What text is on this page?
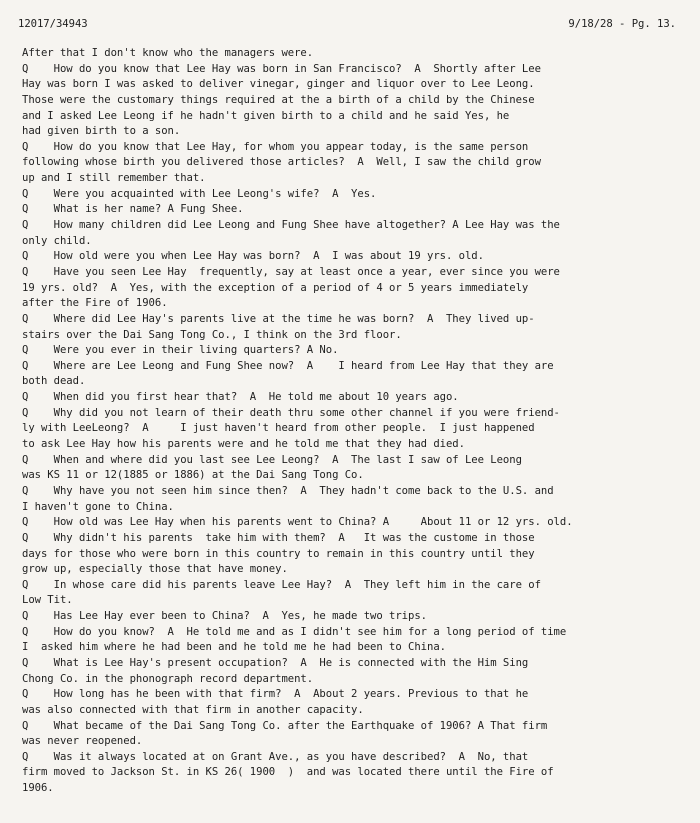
12017/34943	9/18/28 - Pg. 13.
After that I don't know who the managers were.
Q    How do you know that Lee Hay was born in San Francisco?  A  Shortly after Lee
Hay was born I was asked to deliver vinegar, ginger and liquor over to Lee Leong.
Those were the customary things required at the a birth of a child by the Chinese
and I asked Lee Leong if he hadn't given birth to a child and he said Yes, he
had given birth to a son.
Q    How do you know that Lee Hay, for whom you appear today, is the same person
following whose birth you delivered those articles?  A  Well, I saw the child grow
up and I still remember that.
Q    Were you acquainted with Lee Leong's wife?  A  Yes.
Q    What is her name? A Fung Shee.
Q    How many children did Lee Leong and Fung Shee have altogether? A Lee Hay was the
only child.
Q    How old were you when Lee Hay was born?  A  I was about 19 yrs. old.
Q    Have you seen Lee Hay  frequently, say at least once a year, ever since you were
19 yrs. old?  A  Yes, with the exception of a period of 4 or 5 years immediately
after the Fire of 1906.
Q    Where did Lee Hay's parents live at the time he was born?  A  They lived up-
stairs over the Dai Sang Tong Co., I think on the 3rd floor.
Q    Were you ever in their living quarters? A No.
Q    Where are Lee Leong and Fung Shee now?  A    I heard from Lee Hay that they are
both dead.
Q    When did you first hear that?  A  He told me about 10 years ago.
Q    Why did you not learn of their death thru some other channel if you were friend-
ly with LeeLeong?  A     I just haven't heard from other people.  I just happened
to ask Lee Hay how his parents were and he told me that they had died.
Q    When and where did you last see Lee Leong?  A  The last I saw of Lee Leong
was KS 11 or 12(1885 or 1886) at the Dai Sang Tong Co.
Q    Why have you not seen him since then?  A  They hadn't come back to the U.S. and
I haven't gone to China.
Q    How old was Lee Hay when his parents went to China? A     About 11 or 12 yrs. old.
Q    Why didn't his parents  take him with them?  A   It was the custome in those
days for those who were born in this country to remain in this country until they
grow up, especially those that have money.
Q    In whose care did his parents leave Lee Hay?  A  They left him in the care of
Low Tit.
Q    Has Lee Hay ever been to China?  A  Yes, he made two trips.
Q    How do you know?  A  He told me and as I didn't see him for a long period of time
I  asked him where he had been and he told me he had been to China.
Q    What is Lee Hay's present occupation?  A  He is connected with the Him Sing
Chong Co. in the phonograph record department.
Q    How long has he been with that firm?  A  About 2 years. Previous to that he
was also connected with that firm in another capacity.
Q    What became of the Dai Sang Tong Co. after the Earthquake of 1906? A That firm
was never reopened.
Q    Was it always located at on Grant Ave., as you have described?  A  No, that
firm moved to Jackson St. in KS 26( 1900  )  and was located there until the Fire of
1906.
